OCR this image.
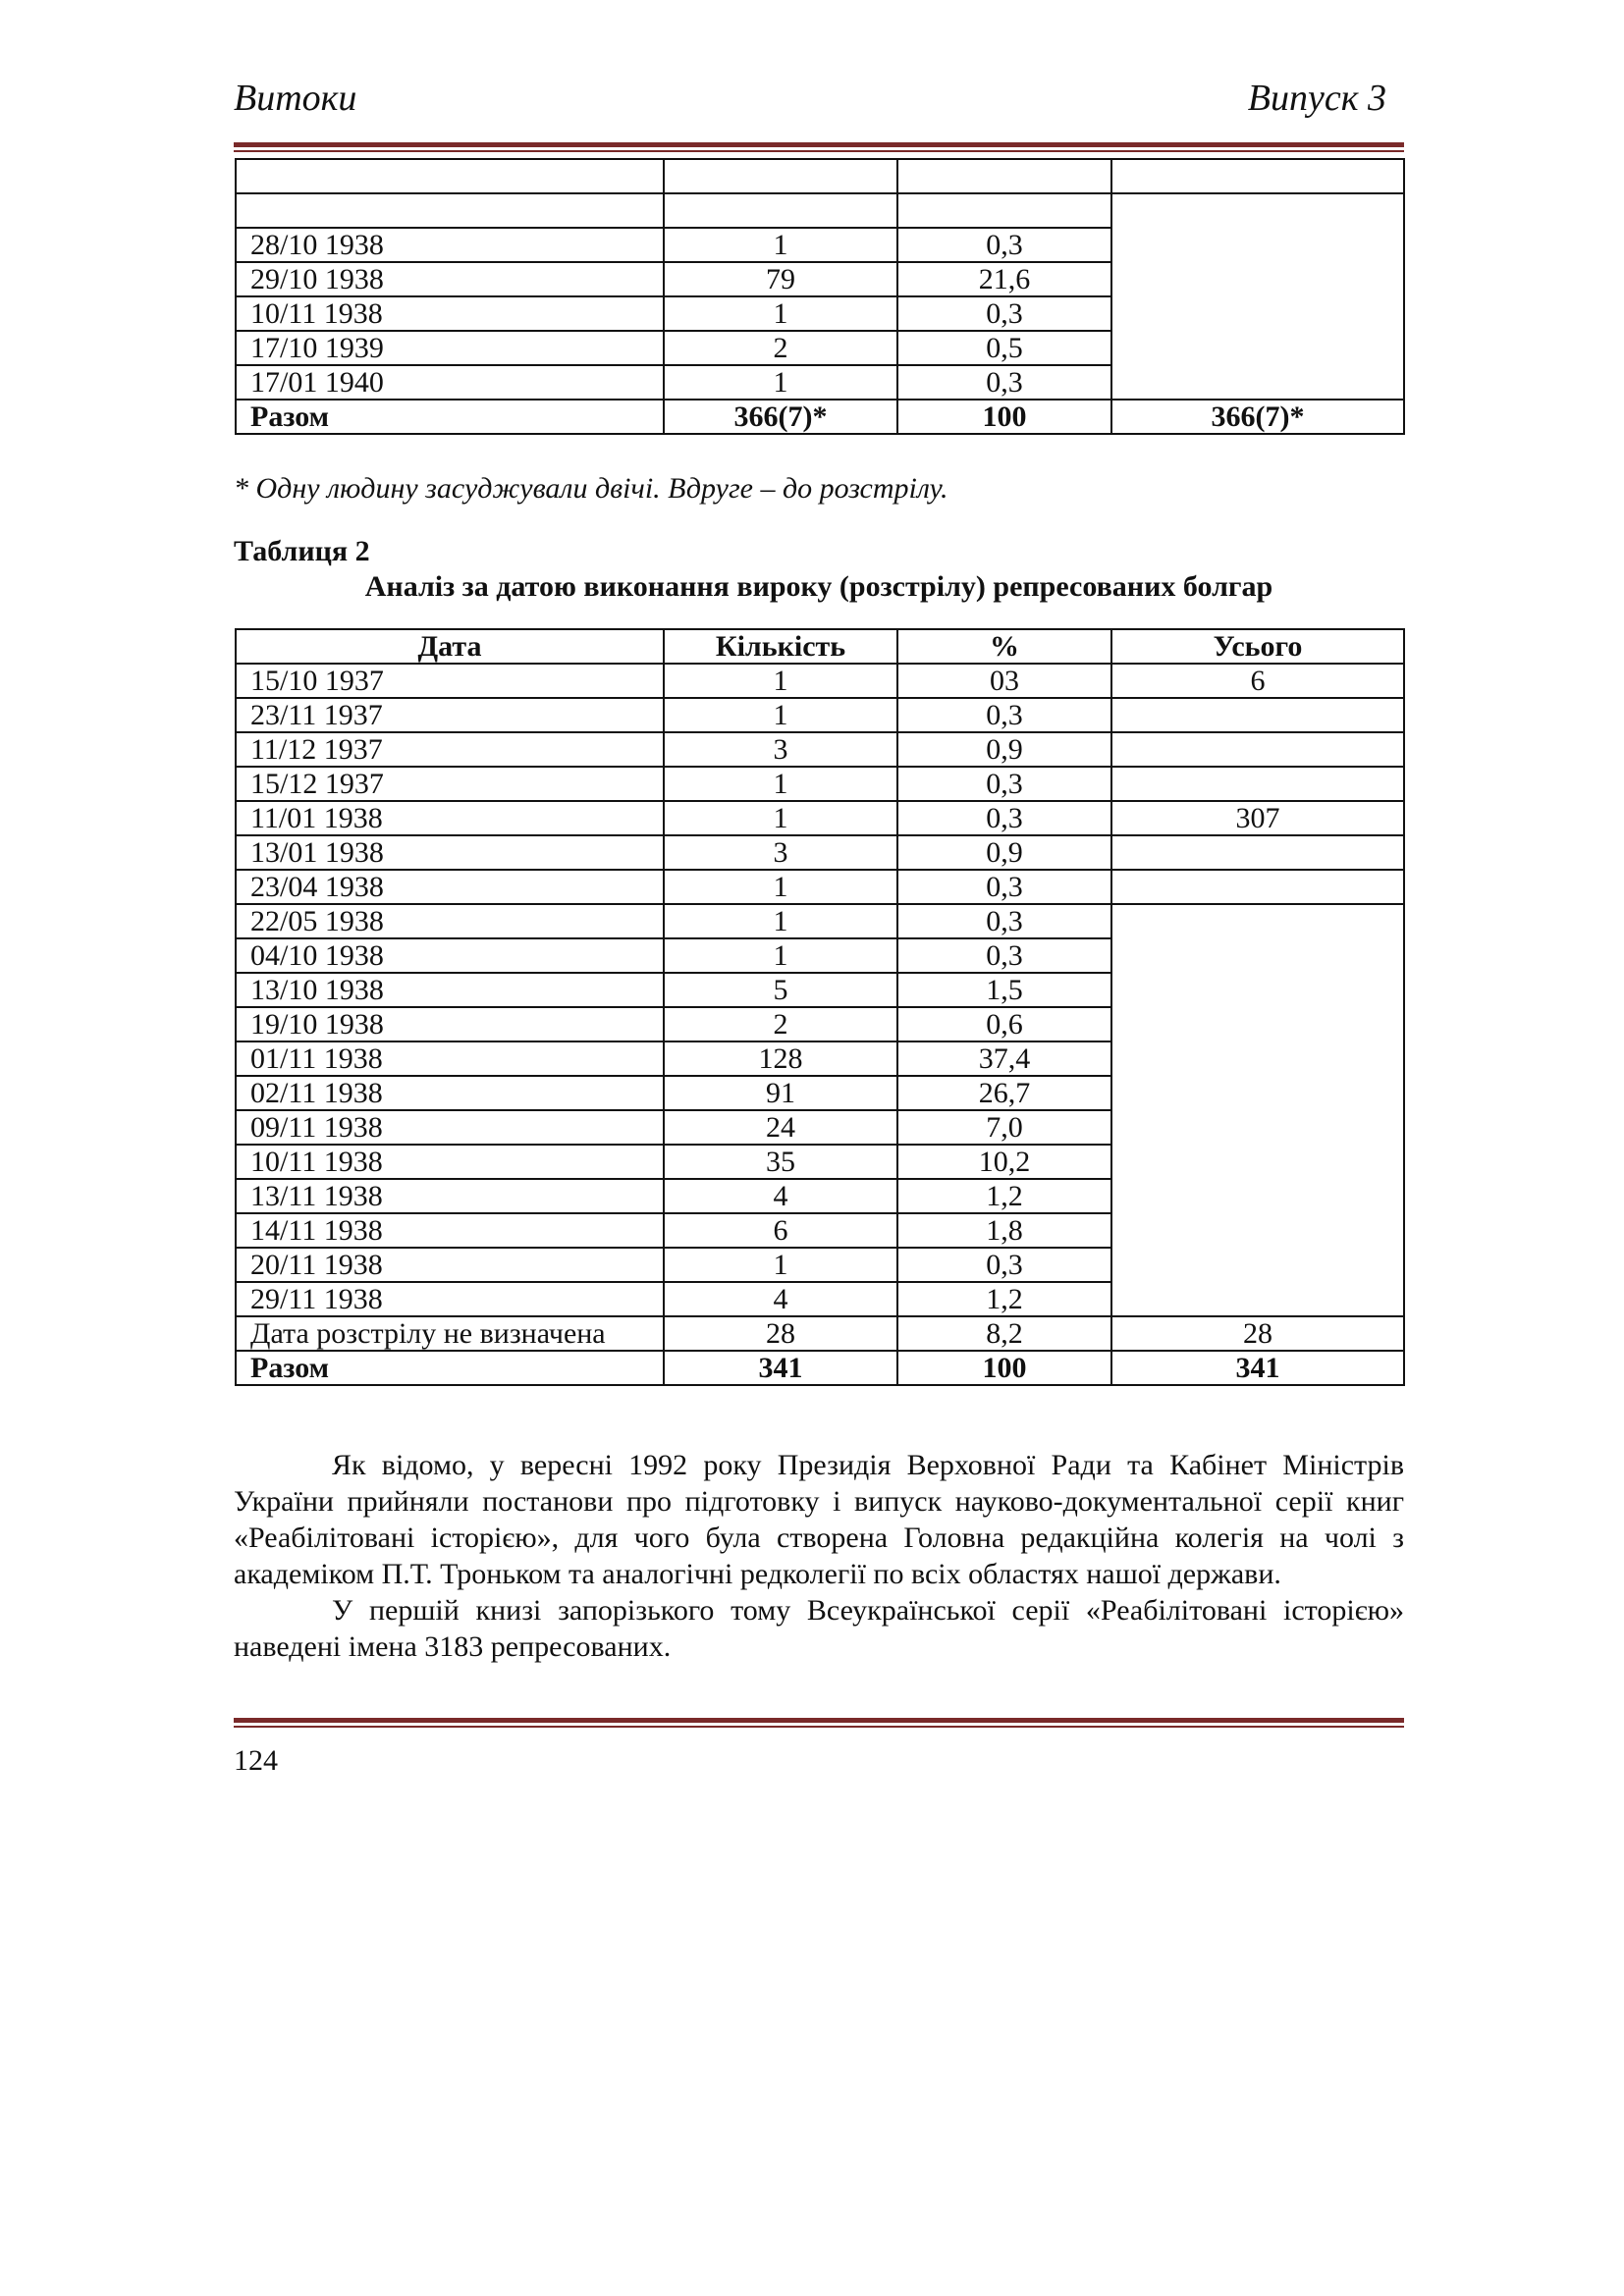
Витоки	Випуск 3

28/10 1938	1	0,3	
29/10 1938	79	21,6	
10/11 1938	1	0,3	
17/10 1939	2	0,5	
17/01 1940	1	0,3	
Разом	366(7)*	100	366(7)*
* Одну людину засуджували двічі. Вдруге – до розстрілу.
Таблиця 2
Аналіз за датою виконання вироку (розстрілу) репресованих болгар
Дата	Кількість	%	Усього
15/10 1937	1	03	6
23/11 1937	1	0,3	
11/12 1937	3	0,9	
15/12 1937	1	0,3	
11/01 1938	1	0,3	307
13/01 1938	3	0,9	
23/04 1938	1	0,3	
22/05 1938	1	0,3	
04/10 1938	1	0,3	
13/10 1938	5	1,5	
19/10 1938	2	0,6	
01/11 1938	128	37,4	
02/11 1938	91	26,7	
09/11 1938	24	7,0	
10/11 1938	35	10,2	
13/11 1938	4	1,2	
14/11 1938	6	1,8	
20/11 1938	1	0,3	
29/11 1938	4	1,2	
Дата розстрілу не визначена	28	8,2	28
Разом	341	100	341

Як відомо, у вересні 1992 року Президія Верховної Ради та Кабінет Міністрів України прийняли постанови про підготовку і випуск науково-документальної серії книг «Реабілітовані історією», для чого була створена Головна редакційна колегія на чолі з академіком П.Т. Троньком та аналогічні редколегії по всіх областях нашої держави.

У першій книзі запорізького тому Всеукраїнської серії «Реабілітовані історією» наведені імена 3183 репресованих.

124
